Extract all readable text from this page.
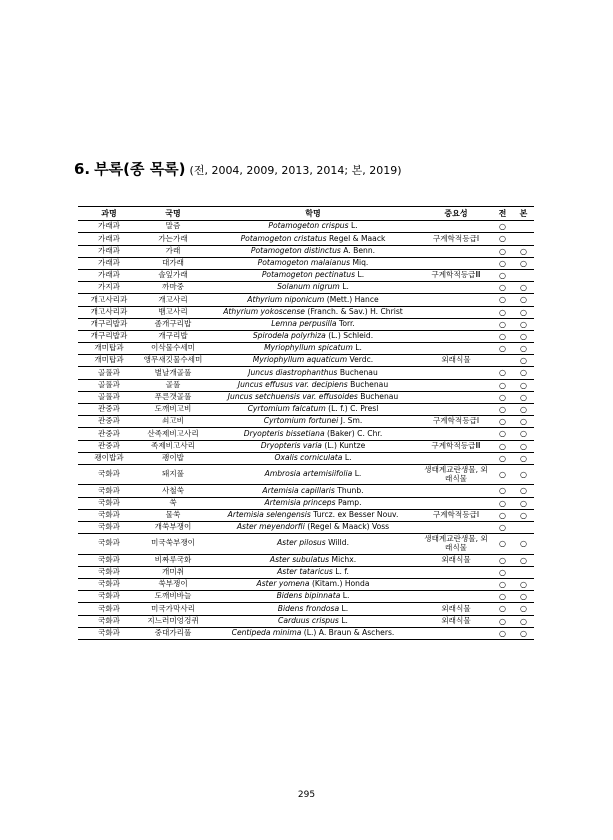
6. 부록(종 목록) (전, 2004, 2009, 2013, 2014; 본, 2019)
과명	국명	학명	중요성	전	본
가래과	말즘	Potamogeton crispus L.		○	
가래과	가는가래	Potamogeton cristatus Regel & Maack	구계학적등급Ⅰ	○	
가래과	가래	Potamogeton distinctus A. Benn.		○	○
가래과	대가래	Potamogeton malaianus Miq.		○	○
가래과	솔잎가래	Potamogeton pectinatus L.	구계학적등급Ⅲ	○	
가지과	까마중	Solanum nigrum L.		○	○
개고사리과	개고사리	Athyrium niponicum (Mett.) Hance		○	○
개고사리과	뱀고사리	Athyrium yokoscense (Franch. & Sav.) H. Christ		○	○
개구리밥과	좀개구리밥	Lemna perpusilla Torr.		○	○
개구리밥과	개구리밥	Spirodela polyrhiza (L.) Schleid.		○	○
개미탑과	이삭물수세미	Myriophyllum spicatum L.		○	○
개미탑과	앵무새깃물수세미	Myriophyllum aquaticum Verdc.	외래식물		○
골풀과	별날개골풀	Juncus diastrophanthus Buchenau		○	○
골풀과	골풀	Juncus effusus var. decipiens Buchenau		○	○
골풀과	푸른갯골풀	Juncus setchuensis var. effusoides Buchenau		○	○
관중과	도깨비고비	Cyrtomium falcatum (L. f.) C. Presl		○	○
관중과	쇠고비	Cyrtomium fortunei J. Sm.	구계학적등급Ⅰ	○	○
관중과	산족제비고사리	Dryopteris bissetiana (Baker) C. Chr.		○	○
관중과	족제비고사리	Dryopteris varia (L.) Kuntze	구계학적등급Ⅲ	○	○
괭이밥과	괭이밥	Oxalis corniculata L.		○	○
국화과	돼지풀	Ambrosia artemisiifolia L.	생태계교란생물, 외래식물	○	○
국화과	사철쑥	Artemisia capillaris Thunb.		○	○
국화과	쑥	Artemisia princeps Pamp.		○	○
국화과	물쑥	Artemisia selengensis Turcz. ex Besser Nouv.	구계학적등급Ⅰ	○	○
국화과	개쑥부쟁이	Aster meyendorfii (Regel & Maack) Voss		○	
국화과	미국쑥부쟁이	Aster pilosus Willd.	생태계교란생물, 외래식물	○	○
국화과	비짜루국화	Aster subulatus Michx.	외래식물	○	○
국화과	개미취	Aster tataricus L. f.		○	
국화과	쑥부쟁이	Aster yomena (Kitam.) Honda		○	○
국화과	도깨비바늘	Bidens bipinnata L.		○	○
국화과	미국가막사리	Bidens frondosa L.	외래식물	○	○
국화과	지느러미엉겅퀴	Carduus crispus L.	외래식물	○	○
국화과	중대가리풀	Centipeda minima (L.) A. Braun & Aschers.		○	○
295
